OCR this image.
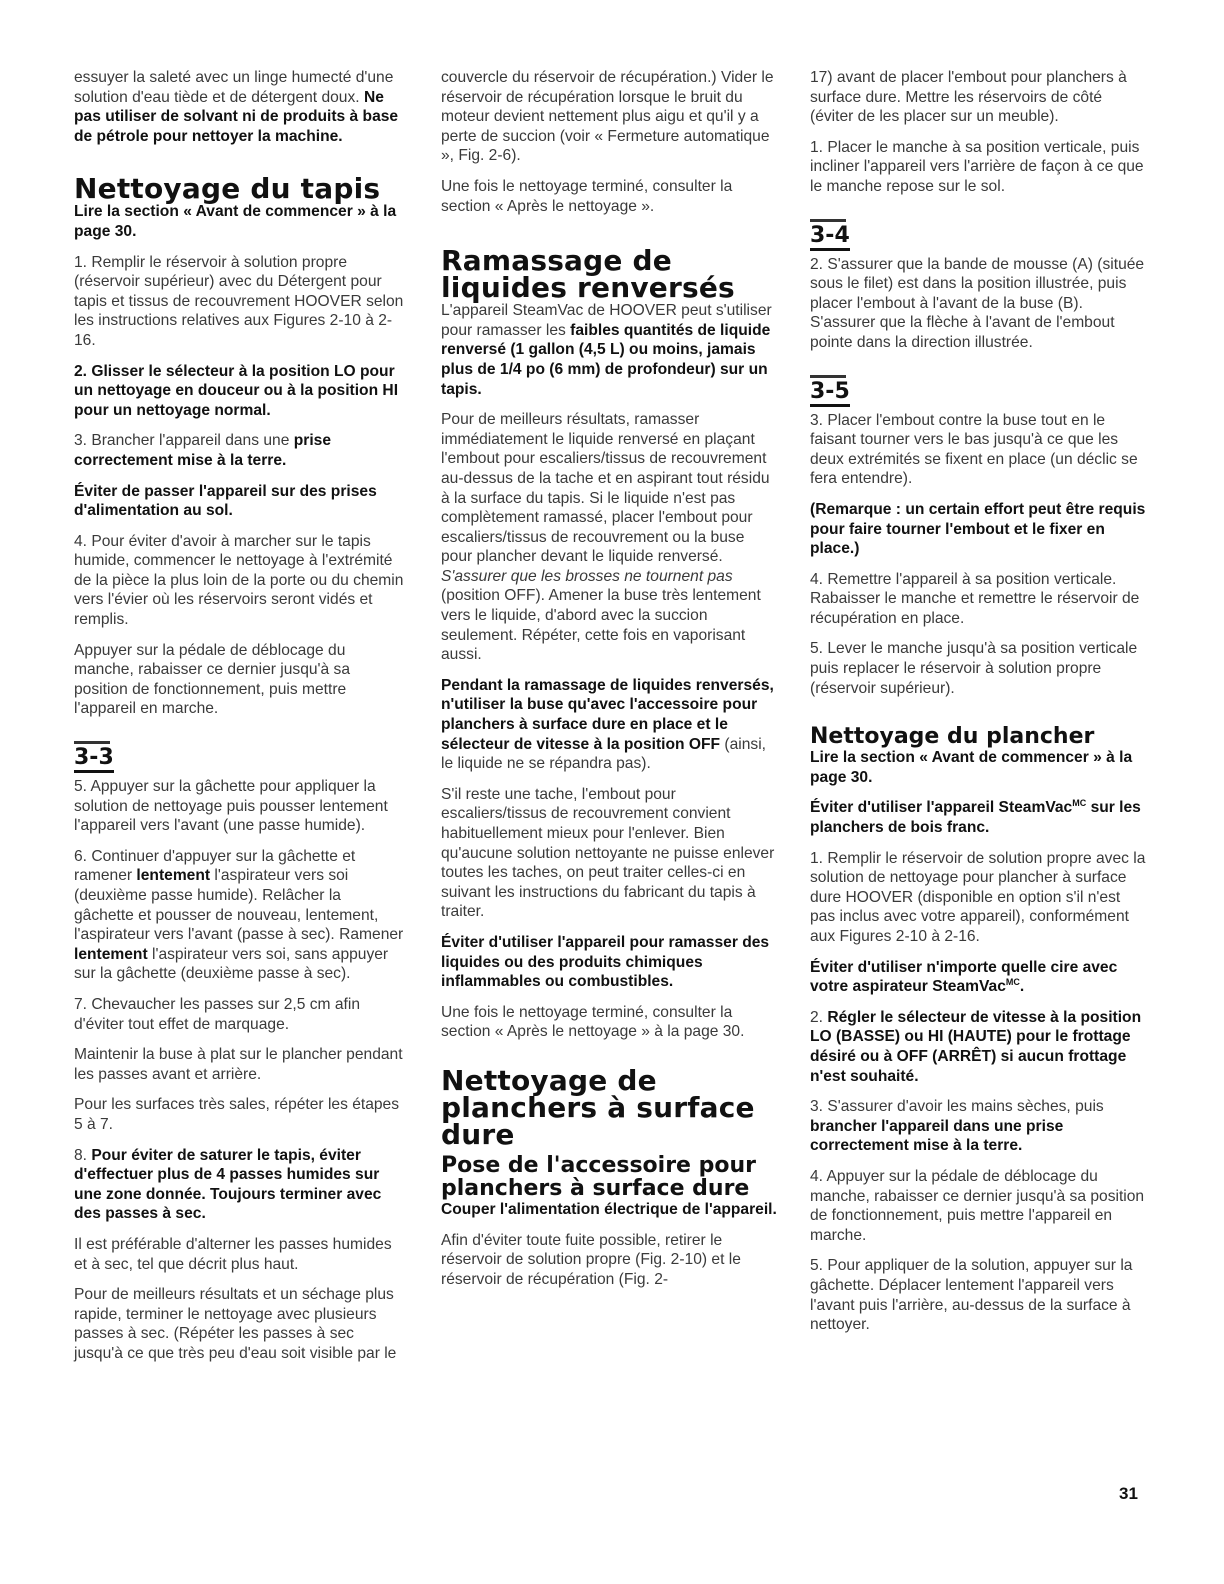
essuyer la saleté avec un linge humecté d'une solution d'eau tiède et de détergent doux. Ne pas utiliser de solvant ni de produits à base de pétrole pour nettoyer la machine.

Nettoyage du tapis
Lire la section « Avant de commencer » à la page 30.

1. Remplir le réservoir à solution propre (réservoir supérieur) avec du Détergent pour tapis et tissus de recouvrement HOOVER selon les instructions relatives aux Figures 2-10 à 2-16.

2. Glisser le sélecteur à la position LO pour un nettoyage en douceur ou à la position HI pour un nettoyage normal.

3. Brancher l'appareil dans une prise correctement mise à la terre.

Éviter de passer l'appareil sur des prises d'alimentation au sol.

4. Pour éviter d'avoir à marcher sur le tapis humide, commencer le nettoyage à l'extrémité de la pièce la plus loin de la porte ou du chemin vers l'évier où les réservoirs seront vidés et remplis.

Appuyer sur la pédale de déblocage du manche, rabaisser ce dernier jusqu'à sa position de fonctionnement, puis mettre l'appareil en marche.

3-3

5. Appuyer sur la gâchette pour appliquer la solution de nettoyage puis pousser lentement l'appareil vers l'avant (une passe humide).

6. Continuer d'appuyer sur la gâchette et ramener lentement l'aspirateur vers soi (deuxième passe humide). Relâcher la gâchette et pousser de nouveau, lentement, l'aspirateur vers l'avant (passe à sec). Ramener lentement l'aspirateur vers soi, sans appuyer sur la gâchette (deuxième passe à sec).

7. Chevaucher les passes sur 2,5 cm afin d'éviter tout effet de marquage.

Maintenir la buse à plat sur le plancher pendant les passes avant et arrière.

Pour les surfaces très sales, répéter les étapes 5 à 7.

8. Pour éviter de saturer le tapis, éviter d'effectuer plus de 4 passes humides sur une zone donnée. Toujours terminer avec des passes à sec.

Il est préférable d'alterner les passes humides et à sec, tel que décrit plus haut.

Pour de meilleurs résultats et un séchage plus rapide, terminer le nettoyage avec plusieurs passes à sec. (Répéter les passes à sec jusqu'à ce que très peu d'eau soit visible par le

couvercle du réservoir de récupération.) Vider le réservoir de récupération lorsque le bruit du moteur devient nettement plus aigu et qu'il y a perte de succion (voir « Fermeture automatique », Fig. 2-6).

Une fois le nettoyage terminé, consulter la section « Après le nettoyage ».

Ramassage de liquides renversés

L'appareil SteamVac de HOOVER peut s'utiliser pour ramasser les faibles quantités de liquide renversé (1 gallon (4,5 L) ou moins, jamais plus de 1/4 po (6 mm) de profondeur) sur un tapis.

Pour de meilleurs résultats, ramasser immédiatement le liquide renversé en plaçant l'embout pour escaliers/tissus de recouvrement au-dessus de la tache et en aspirant tout résidu à la surface du tapis. Si le liquide n'est pas complètement ramassé, placer l'embout pour escaliers/tissus de recouvrement ou la buse pour plancher devant le liquide renversé. S'assurer que les brosses ne tournent pas (position OFF). Amener la buse très lentement vers le liquide, d'abord avec la succion seulement. Répéter, cette fois en vaporisant aussi.

Pendant la ramassage de liquides renversés, n'utiliser la buse qu'avec l'accessoire pour planchers à surface dure en place et le sélecteur de vitesse à la position OFF (ainsi, le liquide ne se répandra pas).

S'il reste une tache, l'embout pour escaliers/tissus de recouvrement convient habituellement mieux pour l'enlever. Bien qu'aucune solution nettoyante ne puisse enlever toutes les taches, on peut traiter celles-ci en suivant les instructions du fabricant du tapis à traiter.

Éviter d'utiliser l'appareil pour ramasser des liquides ou des produits chimiques inflammables ou combustibles.

Une fois le nettoyage terminé, consulter la section « Après le nettoyage » à la page 30.

Nettoyage de planchers à surface dure
Pose de l'accessoire pour planchers à surface dure
Couper l'alimentation électrique de l'appareil.

Afin d'éviter toute fuite possible, retirer le réservoir de solution propre (Fig. 2-10) et le réservoir de récupération (Fig. 2-

17) avant de placer l'embout pour planchers à surface dure. Mettre les réservoirs de côté (éviter de les placer sur un meuble).

1. Placer le manche à sa position verticale, puis incliner l'appareil vers l'arrière de façon à ce que le manche repose sur le sol.

3-4

2. S'assurer que la bande de mousse (A) (située sous le filet) est dans la position illustrée, puis placer l'embout à l'avant de la buse (B). S'assurer que la flèche à l'avant de l'embout pointe dans la direction illustrée.

3-5

3. Placer l'embout contre la buse tout en le faisant tourner vers le bas jusqu'à ce que les deux extrémités se fixent en place (un déclic se fera entendre).

(Remarque : un certain effort peut être requis pour faire tourner l'embout et le fixer en place.)

4. Remettre l'appareil à sa position verticale. Rabaisser le manche et remettre le réservoir de récupération en place.

5. Lever le manche jusqu'à sa position verticale puis replacer le réservoir à solution propre (réservoir supérieur).

Nettoyage du plancher
Lire la section « Avant de commencer » à la page 30.

Éviter d'utiliser l'appareil SteamVac$^{MC}$ sur les planchers de bois franc.

1. Remplir le réservoir de solution propre avec la solution de nettoyage pour plancher à surface dure HOOVER (disponible en option s'il n'est pas inclus avec votre appareil), conformément aux Figures 2-10 à 2-16.

Éviter d'utiliser n'importe quelle cire avec votre aspirateur SteamVac$^{MC}$.

2. Régler le sélecteur de vitesse à la position LO (BASSE) ou HI (HAUTE) pour le frottage désiré ou à OFF (ARRÊT) si aucun frottage n'est souhaité.

3. S'assurer d'avoir les mains sèches, puis brancher l'appareil dans une prise correctement mise à la terre.

4. Appuyer sur la pédale de déblocage du manche, rabaisser ce dernier jusqu'à sa position de fonctionnement, puis mettre l'appareil en marche.

5. Pour appliquer de la solution, appuyer sur la gâchette. Déplacer lentement l'appareil vers l'avant puis l'arrière, au-dessus de la surface à nettoyer.

31
